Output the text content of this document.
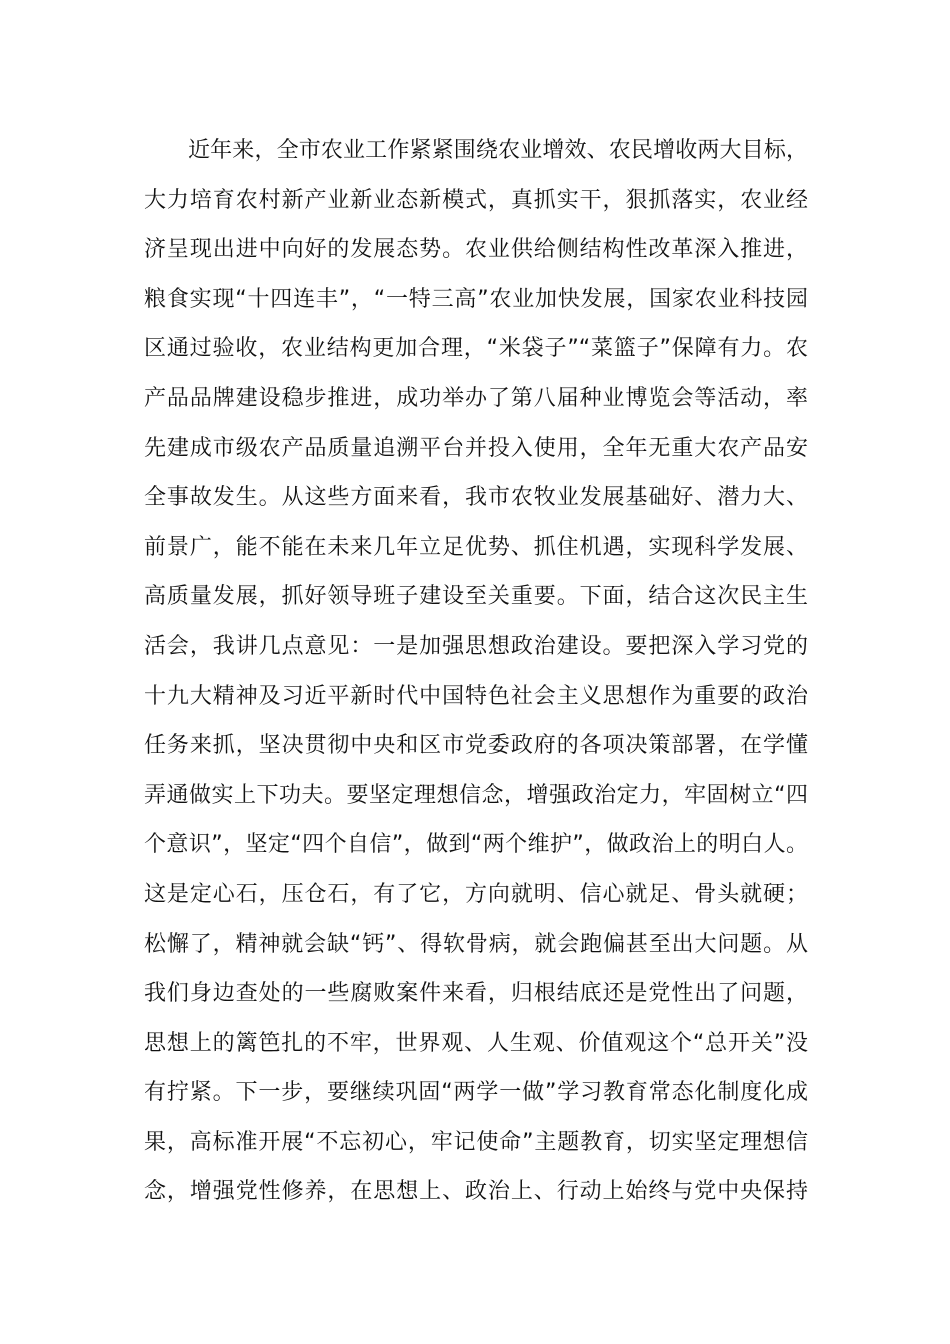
近年来，全市农业工作紧紧围绕农业增效、农民增收两大目标，
大力培育农村新产业新业态新模式，真抓实干，狠抓落实，农业经
济呈现出进中向好的发展态势。农业供给侧结构性改革深入推进，
粮食实现“十四连丰”，“一特三高”农业加快发展，国家农业科技园
区通过验收，农业结构更加合理，“米袋子”“菜篮子”保障有力。农
产品品牌建设稳步推进，成功举办了第八届种业博览会等活动，率
先建成市级农产品质量追溯平台并投入使用，全年无重大农产品安
全事故发生。从这些方面来看，我市农牧业发展基础好、潜力大、
前景广，能不能在未来几年立足优势、抓住机遇，实现科学发展、
高质量发展，抓好领导班子建设至关重要。下面，结合这次民主生
活会，我讲几点意见：一是加强思想政治建设。要把深入学习党的
十九大精神及习近平新时代中国特色社会主义思想作为重要的政治
任务来抓，坚决贯彻中央和区市党委政府的各项决策部署，在学懂
弄通做实上下功夫。要坚定理想信念，增强政治定力，牢固树立“四
个意识”，坚定“四个自信”，做到“两个维护”，做政治上的明白人。
这是定心石，压仓石，有了它，方向就明、信心就足、骨头就硬；
松懈了，精神就会缺“钙”、得软骨病，就会跑偏甚至出大问题。从
我们身边查处的一些腐败案件来看，归根结底还是党性出了问题，
思想上的篱笆扎的不牢，世界观、人生观、价值观这个“总开关”没
有拧紧。下一步，要继续巩固“两学一做”学习教育常态化制度化成
果，高标准开展“不忘初心，牢记使命”主题教育，切实坚定理想信
念，增强党性修养，在思想上、政治上、行动上始终与党中央保持
